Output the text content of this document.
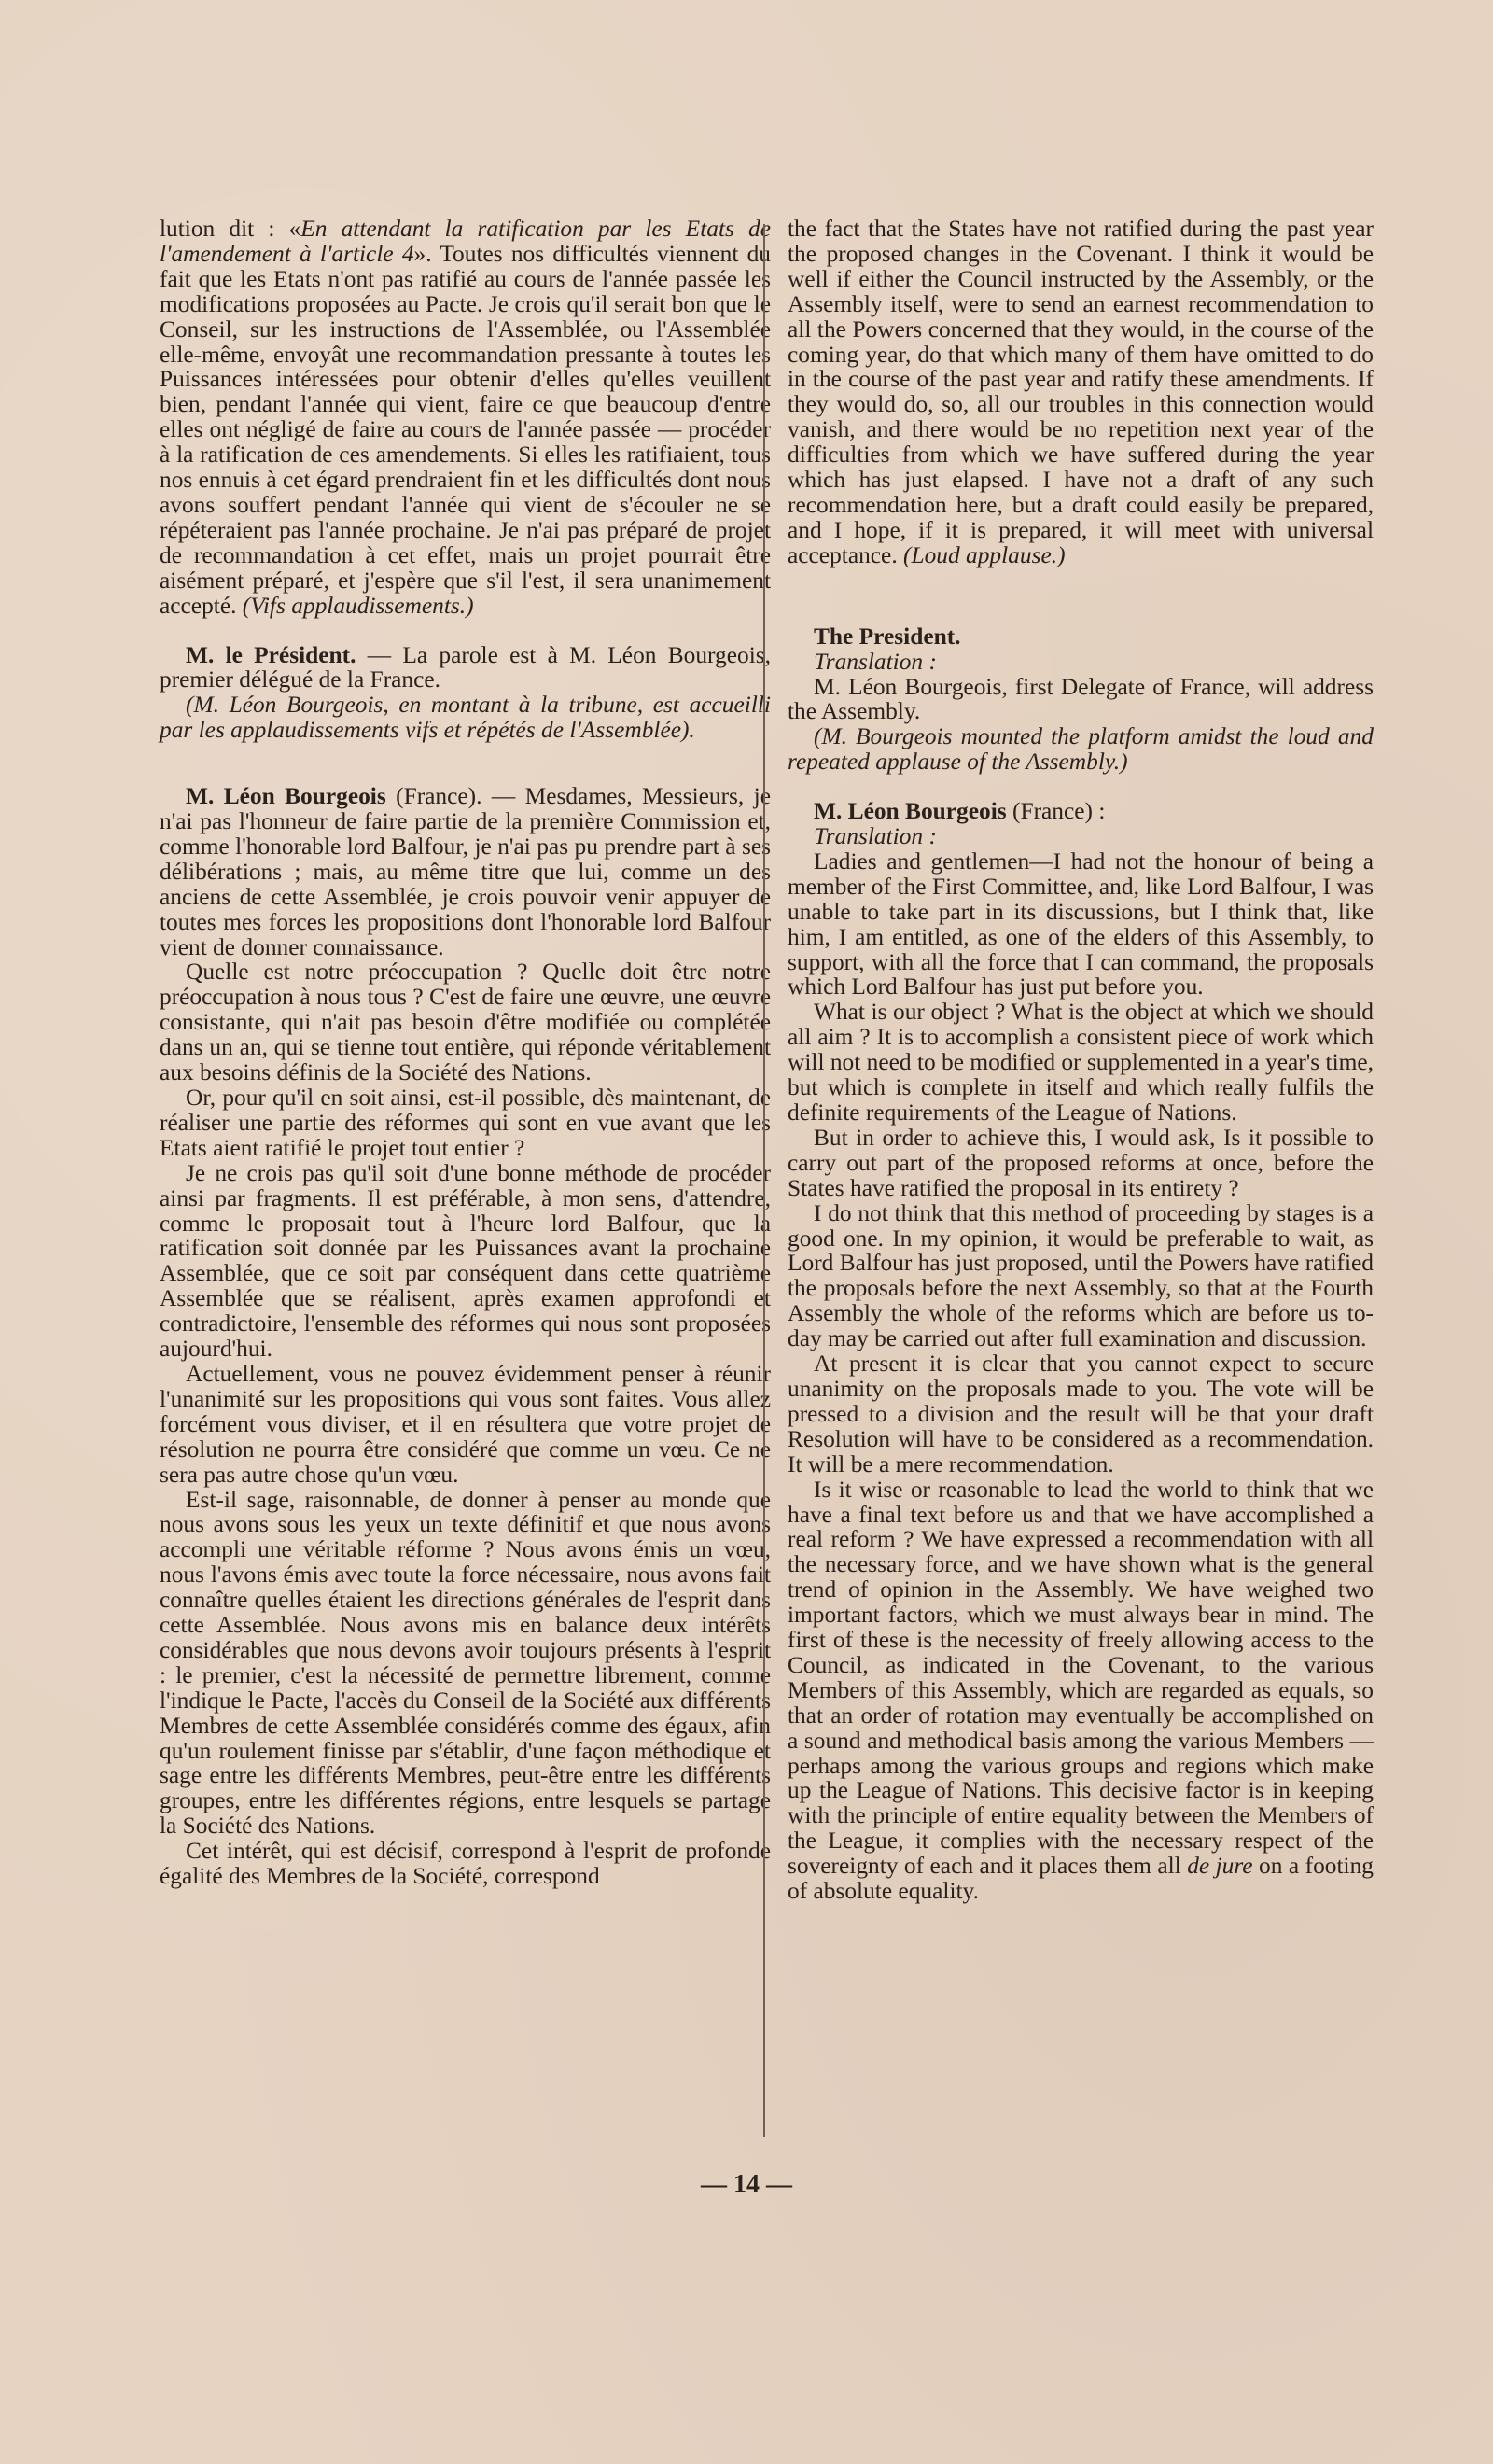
lution dit : «En attendant la ratification par les Etats de l'amendement à l'article 4». Toutes nos difficultés viennent du fait que les Etats n'ont pas ratifié au cours de l'année passée les modifications proposées au Pacte. Je crois qu'il serait bon que le Conseil, sur les instructions de l'Assemblée, ou l'Assemblée elle-même, envoyât une recommandation pressante à toutes les Puissances intéressées pour obtenir d'elles qu'elles veuillent bien, pendant l'année qui vient, faire ce que beaucoup d'entre elles ont négligé de faire au cours de l'année passée — procéder à la ratification de ces amendements. Si elles les ratifiaient, tous nos ennuis à cet égard prendraient fin et les difficultés dont nous avons souffert pendant l'année qui vient de s'écouler ne se répéteraient pas l'année prochaine. Je n'ai pas préparé de projet de recommandation à cet effet, mais un projet pourrait être aisément préparé, et j'espère que s'il l'est, il sera unanimement accepté. (Vifs applaudissements.)

M. le Président. — La parole est à M. Léon Bourgeois, premier délégué de la France.

(M. Léon Bourgeois, en montant à la tribune, est accueilli par les applaudissements vifs et répétés de l'Assemblée).

M. Léon Bourgeois (France). — Mesdames, Messieurs, je n'ai pas l'honneur de faire partie de la première Commission et, comme l'honorable lord Balfour, je n'ai pas pu prendre part à ses délibérations ; mais, au même titre que lui, comme un des anciens de cette Assemblée, je crois pouvoir venir appuyer de toutes mes forces les propositions dont l'honorable lord Balfour vient de donner connaissance.

Quelle est notre préoccupation ? Quelle doit être notre préoccupation à nous tous ? C'est de faire une œuvre, une œuvre consistante, qui n'ait pas besoin d'être modifiée ou complétée dans un an, qui se tienne tout entière, qui réponde véritablement aux besoins définis de la Société des Nations.

Or, pour qu'il en soit ainsi, est-il possible, dès maintenant, de réaliser une partie des réformes qui sont en vue avant que les Etats aient ratifié le projet tout entier ?

Je ne crois pas qu'il soit d'une bonne méthode de procéder ainsi par fragments. Il est préférable, à mon sens, d'attendre, comme le proposait tout à l'heure lord Balfour, que la ratification soit donnée par les Puissances avant la prochaine Assemblée, que ce soit par conséquent dans cette quatrième Assemblée que se réalisent, après examen approfondi et contradictoire, l'ensemble des réformes qui nous sont proposées aujourd'hui.

Actuellement, vous ne pouvez évidemment penser à réunir l'unanimité sur les propositions qui vous sont faites. Vous allez forcément vous diviser, et il en résultera que votre projet de résolution ne pourra être considéré que comme un vœu. Ce ne sera pas autre chose qu'un vœu.

Est-il sage, raisonnable, de donner à penser au monde que nous avons sous les yeux un texte définitif et que nous avons accompli une véritable réforme ? Nous avons émis un vœu, nous l'avons émis avec toute la force nécessaire, nous avons fait connaître quelles étaient les directions générales de l'esprit dans cette Assemblée. Nous avons mis en balance deux intérêts considérables que nous devons avoir toujours présents à l'esprit : le premier, c'est la nécessité de permettre librement, comme l'indique le Pacte, l'accès du Conseil de la Société aux différents Membres de cette Assemblée considérés comme des égaux, afin qu'un roulement finisse par s'établir, d'une façon méthodique et sage entre les différents Membres, peut-être entre les différents groupes, entre les différentes régions, entre lesquels se partage la Société des Nations.

Cet intérêt, qui est décisif, correspond à l'esprit de profonde égalité des Membres de la Société, correspond

the fact that the States have not ratified during the past year the proposed changes in the Covenant. I think it would be well if either the Council instructed by the Assembly, or the Assembly itself, were to send an earnest recommendation to all the Powers concerned that they would, in the course of the coming year, do that which many of them have omitted to do in the course of the past year and ratify these amendments. If they would do, so, all our troubles in this connection would vanish, and there would be no repetition next year of the difficulties from which we have suffered during the year which has just elapsed. I have not a draft of any such recommendation here, but a draft could easily be prepared, and I hope, if it is prepared, it will meet with universal acceptance. (Loud applause.)

The President.

Translation :

M. Léon Bourgeois, first Delegate of France, will address the Assembly.

(M. Bourgeois mounted the platform amidst the loud and repeated applause of the Assembly.)

M. Léon Bourgeois (France) :

Translation :

Ladies and gentlemen—I had not the honour of being a member of the First Committee, and, like Lord Balfour, I was unable to take part in its discussions, but I think that, like him, I am entitled, as one of the elders of this Assembly, to support, with all the force that I can command, the proposals which Lord Balfour has just put before you.

What is our object ? What is the object at which we should all aim ? It is to accomplish a consistent piece of work which will not need to be modified or supplemented in a year's time, but which is complete in itself and which really fulfils the definite requirements of the League of Nations.

But in order to achieve this, I would ask, Is it possible to carry out part of the proposed reforms at once, before the States have ratified the proposal in its entirety ?

I do not think that this method of proceeding by stages is a good one. In my opinion, it would be preferable to wait, as Lord Balfour has just proposed, until the Powers have ratified the proposals before the next Assembly, so that at the Fourth Assembly the whole of the reforms which are before us to-day may be carried out after full examination and discussion.

At present it is clear that you cannot expect to secure unanimity on the proposals made to you. The vote will be pressed to a division and the result will be that your draft Resolution will have to be considered as a recommendation. It will be a mere recommendation.

Is it wise or reasonable to lead the world to think that we have a final text before us and that we have accomplished a real reform ? We have expressed a recommendation with all the necessary force, and we have shown what is the general trend of opinion in the Assembly. We have weighed two important factors, which we must always bear in mind. The first of these is the necessity of freely allowing access to the Council, as indicated in the Covenant, to the various Members of this Assembly, which are regarded as equals, so that an order of rotation may eventually be accomplished on a sound and methodical basis among the various Members —perhaps among the various groups and regions which make up the League of Nations. This decisive factor is in keeping with the principle of entire equality between the Members of the League, it complies with the necessary respect of the sovereignty of each and it places them all de jure on a footing of absolute equality.

— 14 —
